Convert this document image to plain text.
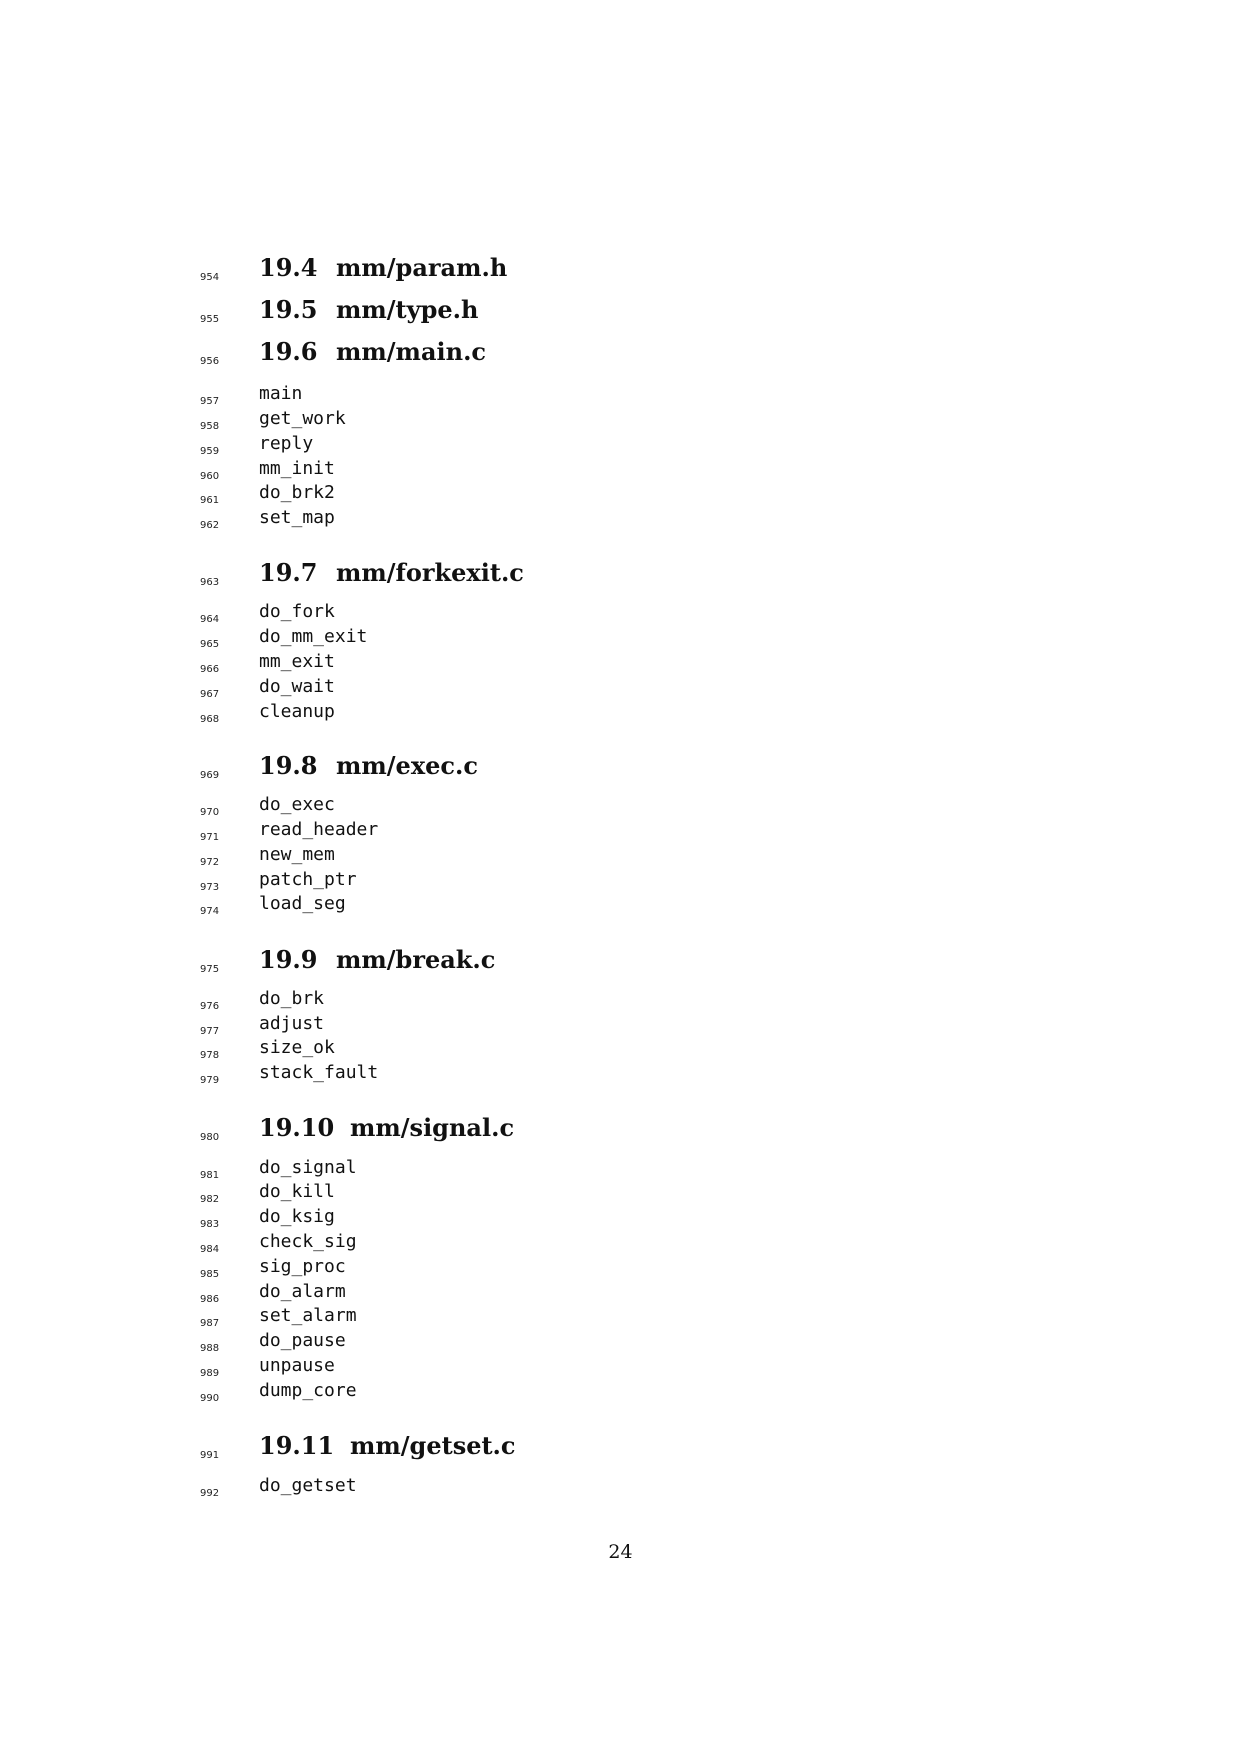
954	19.4 mm/param.h
955	19.5 mm/type.h
956	19.6 mm/main.c
957	main
958	get_work
959	reply
960	mm_init
961	do_brk2
962	set_map
963	19.7 mm/forkexit.c
964	do_fork
965	do_mm_exit
966	mm_exit
967	do_wait
968	cleanup
969	19.8 mm/exec.c
970	do_exec
971	read_header
972	new_mem
973	patch_ptr
974	load_seg
975	19.9 mm/break.c
976	do_brk
977	adjust
978	size_ok
979	stack_fault
980	19.10 mm/signal.c
981	do_signal
982	do_kill
983	do_ksig
984	check_sig
985	sig_proc
986	do_alarm
987	set_alarm
988	do_pause
989	unpause
990	dump_core
991	19.11 mm/getset.c
992	do_getset
24
